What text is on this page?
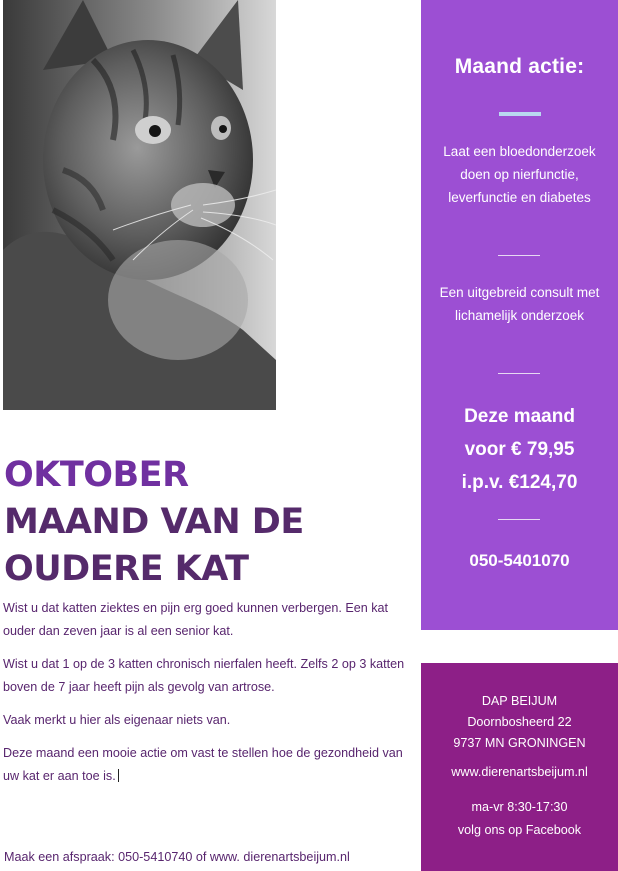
OKTOBER
MAAND VAN DE
OUDERE KAT

Wist u dat katten ziektes en pijn erg goed kunnen verbergen. Een kat ouder dan zeven jaar is al een senior kat.

Wist u dat 1 op de 3 katten chronisch nierfalen heeft. Zelfs 2 op 3 katten boven de 7 jaar heeft pijn als gevolg van artrose.

Vaak merkt u hier als eigenaar niets van.

Deze maand een mooie actie om vast te stellen hoe de gezondheid van uw kat er aan toe is.

Maak een afspraak: 050-5410740 of www. dierenartsbeijum.nl
Maand actie:
Laat een bloedonderzoek doen op nierfunctie, leverfunctie en diabetes
Een uitgebreid consult met lichamelijk onderzoek
Deze maand
voor € 79,95
i.p.v. €124,70
050-5401070
DAP BEIJUM
Doornbosheerd 22
9737 MN GRONINGEN
www.dierenartsbeijum.nl
ma-vr 8:30-17:30
volg ons op Facebook
